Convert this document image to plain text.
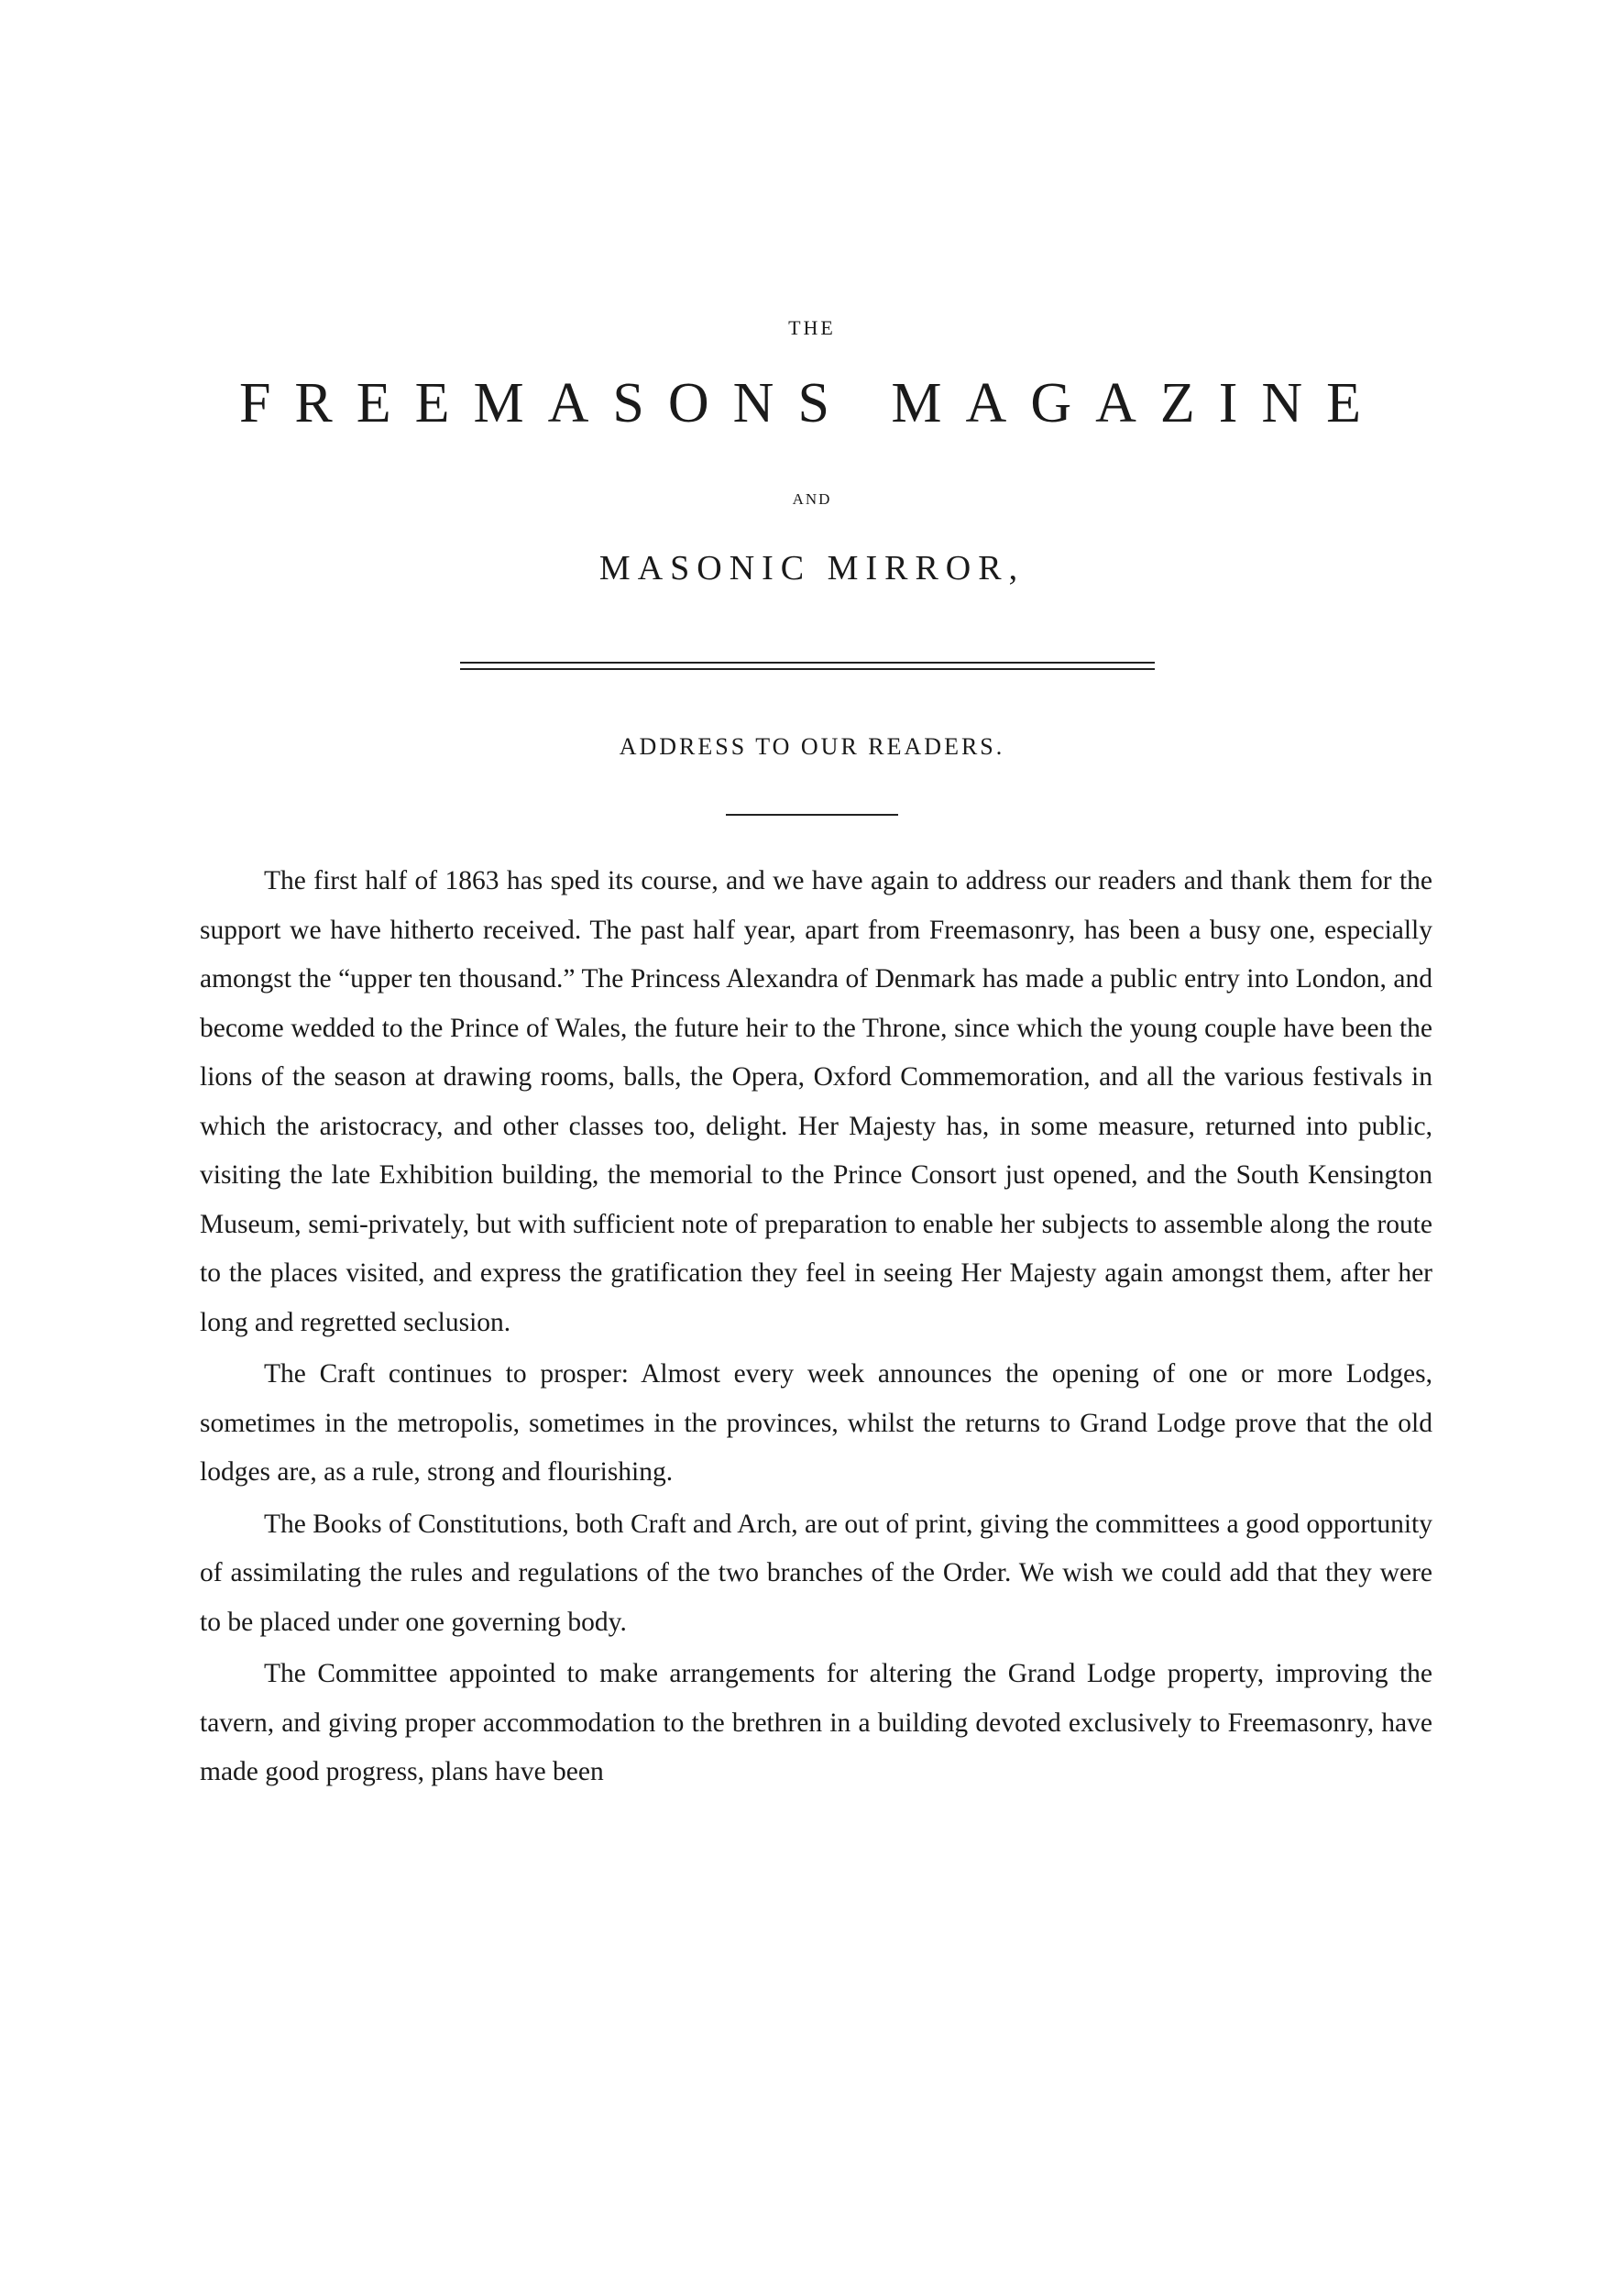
THE
FREEMASONS MAGAZINE
AND
MASONIC MIRROR,
ADDRESS TO OUR READERS.

The first half of 1863 has sped its course, and we have again to address our readers and thank them for the support we have hitherto received. The past half year, apart from Freemasonry, has been a busy one, especially amongst the “upper ten thousand.” The Princess Alexandra of Denmark has made a public entry into London, and become wedded to the Prince of Wales, the future heir to the Throne, since which the young couple have been the lions of the season at drawing rooms, balls, the Opera, Oxford Commemoration, and all the various festivals in which the aristocracy, and other classes too, delight. Her Majesty has, in some measure, returned into public, visiting the late Exhibition building, the memorial to the Prince Consort just opened, and the South Kensington Museum, semi-privately, but with sufficient note of preparation to enable her subjects to assemble along the route to the places visited, and express the gratification they feel in seeing Her Majesty again amongst them, after her long and regretted seclusion.

The Craft continues to prosper: Almost every week announces the opening of one or more Lodges, sometimes in the metropolis, sometimes in the provinces, whilst the returns to Grand Lodge prove that the old lodges are, as a rule, strong and flourishing.

The Books of Constitutions, both Craft and Arch, are out of print, giving the committees a good opportunity of assimilating the rules and regulations of the two branches of the Order. We wish we could add that they were to be placed under one governing body.

The Committee appointed to make arrangements for altering the Grand Lodge property, improving the tavern, and giving proper accommodation to the brethren in a building devoted exclusively to Freemasonry, have made good progress, plans have been
